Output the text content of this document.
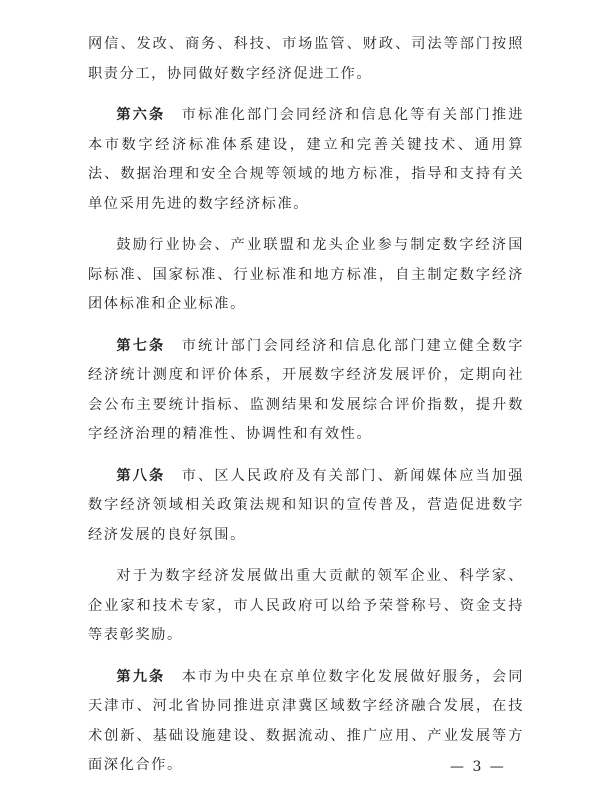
网信、发改、商务、科技、市场监管、财政、司法等部门按照职责分工，协同做好数字经济促进工作。

第六条　市标准化部门会同经济和信息化等有关部门推进本市数字经济标准体系建设，建立和完善关键技术、通用算法、数据治理和安全合规等领域的地方标准，指导和支持有关单位采用先进的数字经济标准。

鼓励行业协会、产业联盟和龙头企业参与制定数字经济国际标准、国家标准、行业标准和地方标准，自主制定数字经济团体标准和企业标准。

第七条　市统计部门会同经济和信息化部门建立健全数字经济统计测度和评价体系，开展数字经济发展评价，定期向社会公布主要统计指标、监测结果和发展综合评价指数，提升数字经济治理的精准性、协调性和有效性。

第八条　市、区人民政府及有关部门、新闻媒体应当加强数字经济领域相关政策法规和知识的宣传普及，营造促进数字经济发展的良好氛围。

对于为数字经济发展做出重大贡献的领军企业、科学家、企业家和技术专家，市人民政府可以给予荣誉称号、资金支持等表彰奖励。

第九条　本市为中央在京单位数字化发展做好服务，会同天津市、河北省协同推进京津冀区域数字经济融合发展，在技术创新、基础设施建设、数据流动、推广应用、产业发展等方面深化合作。	— 3 —
